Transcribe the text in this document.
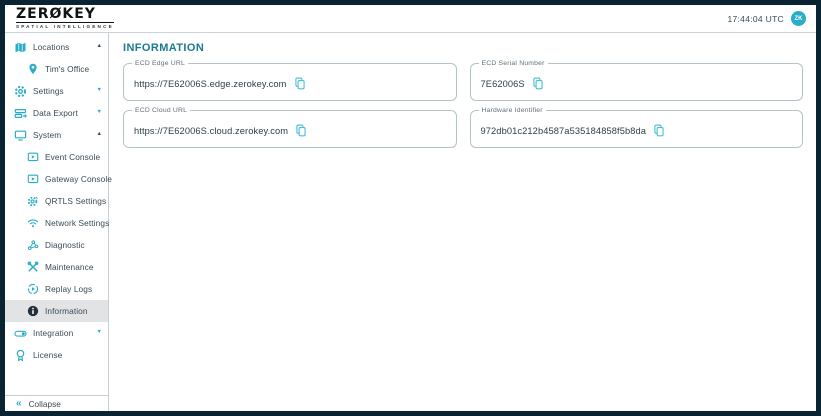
ZERØKEY
SPATIAL INTELLIGENCE
17:44:04 UTC	ZK
Locations	▲
Tim's Office
Settings	▼
Data Export	▼
System	▲
Event Console
Gateway Console
QRTLS Settings
Network Settings
Diagnostic
Maintenance
Replay Logs
Information
Integration	▼
License
« Collapse
INFORMATION
ECD Edge URL
https://7E62006S.edge.zerokey.com
ECD Serial Number
7E62006S
ECD Cloud URL
https://7E62006S.cloud.zerokey.com
Hardware Identifier
972db01c212b4587a535184858f5b8da
